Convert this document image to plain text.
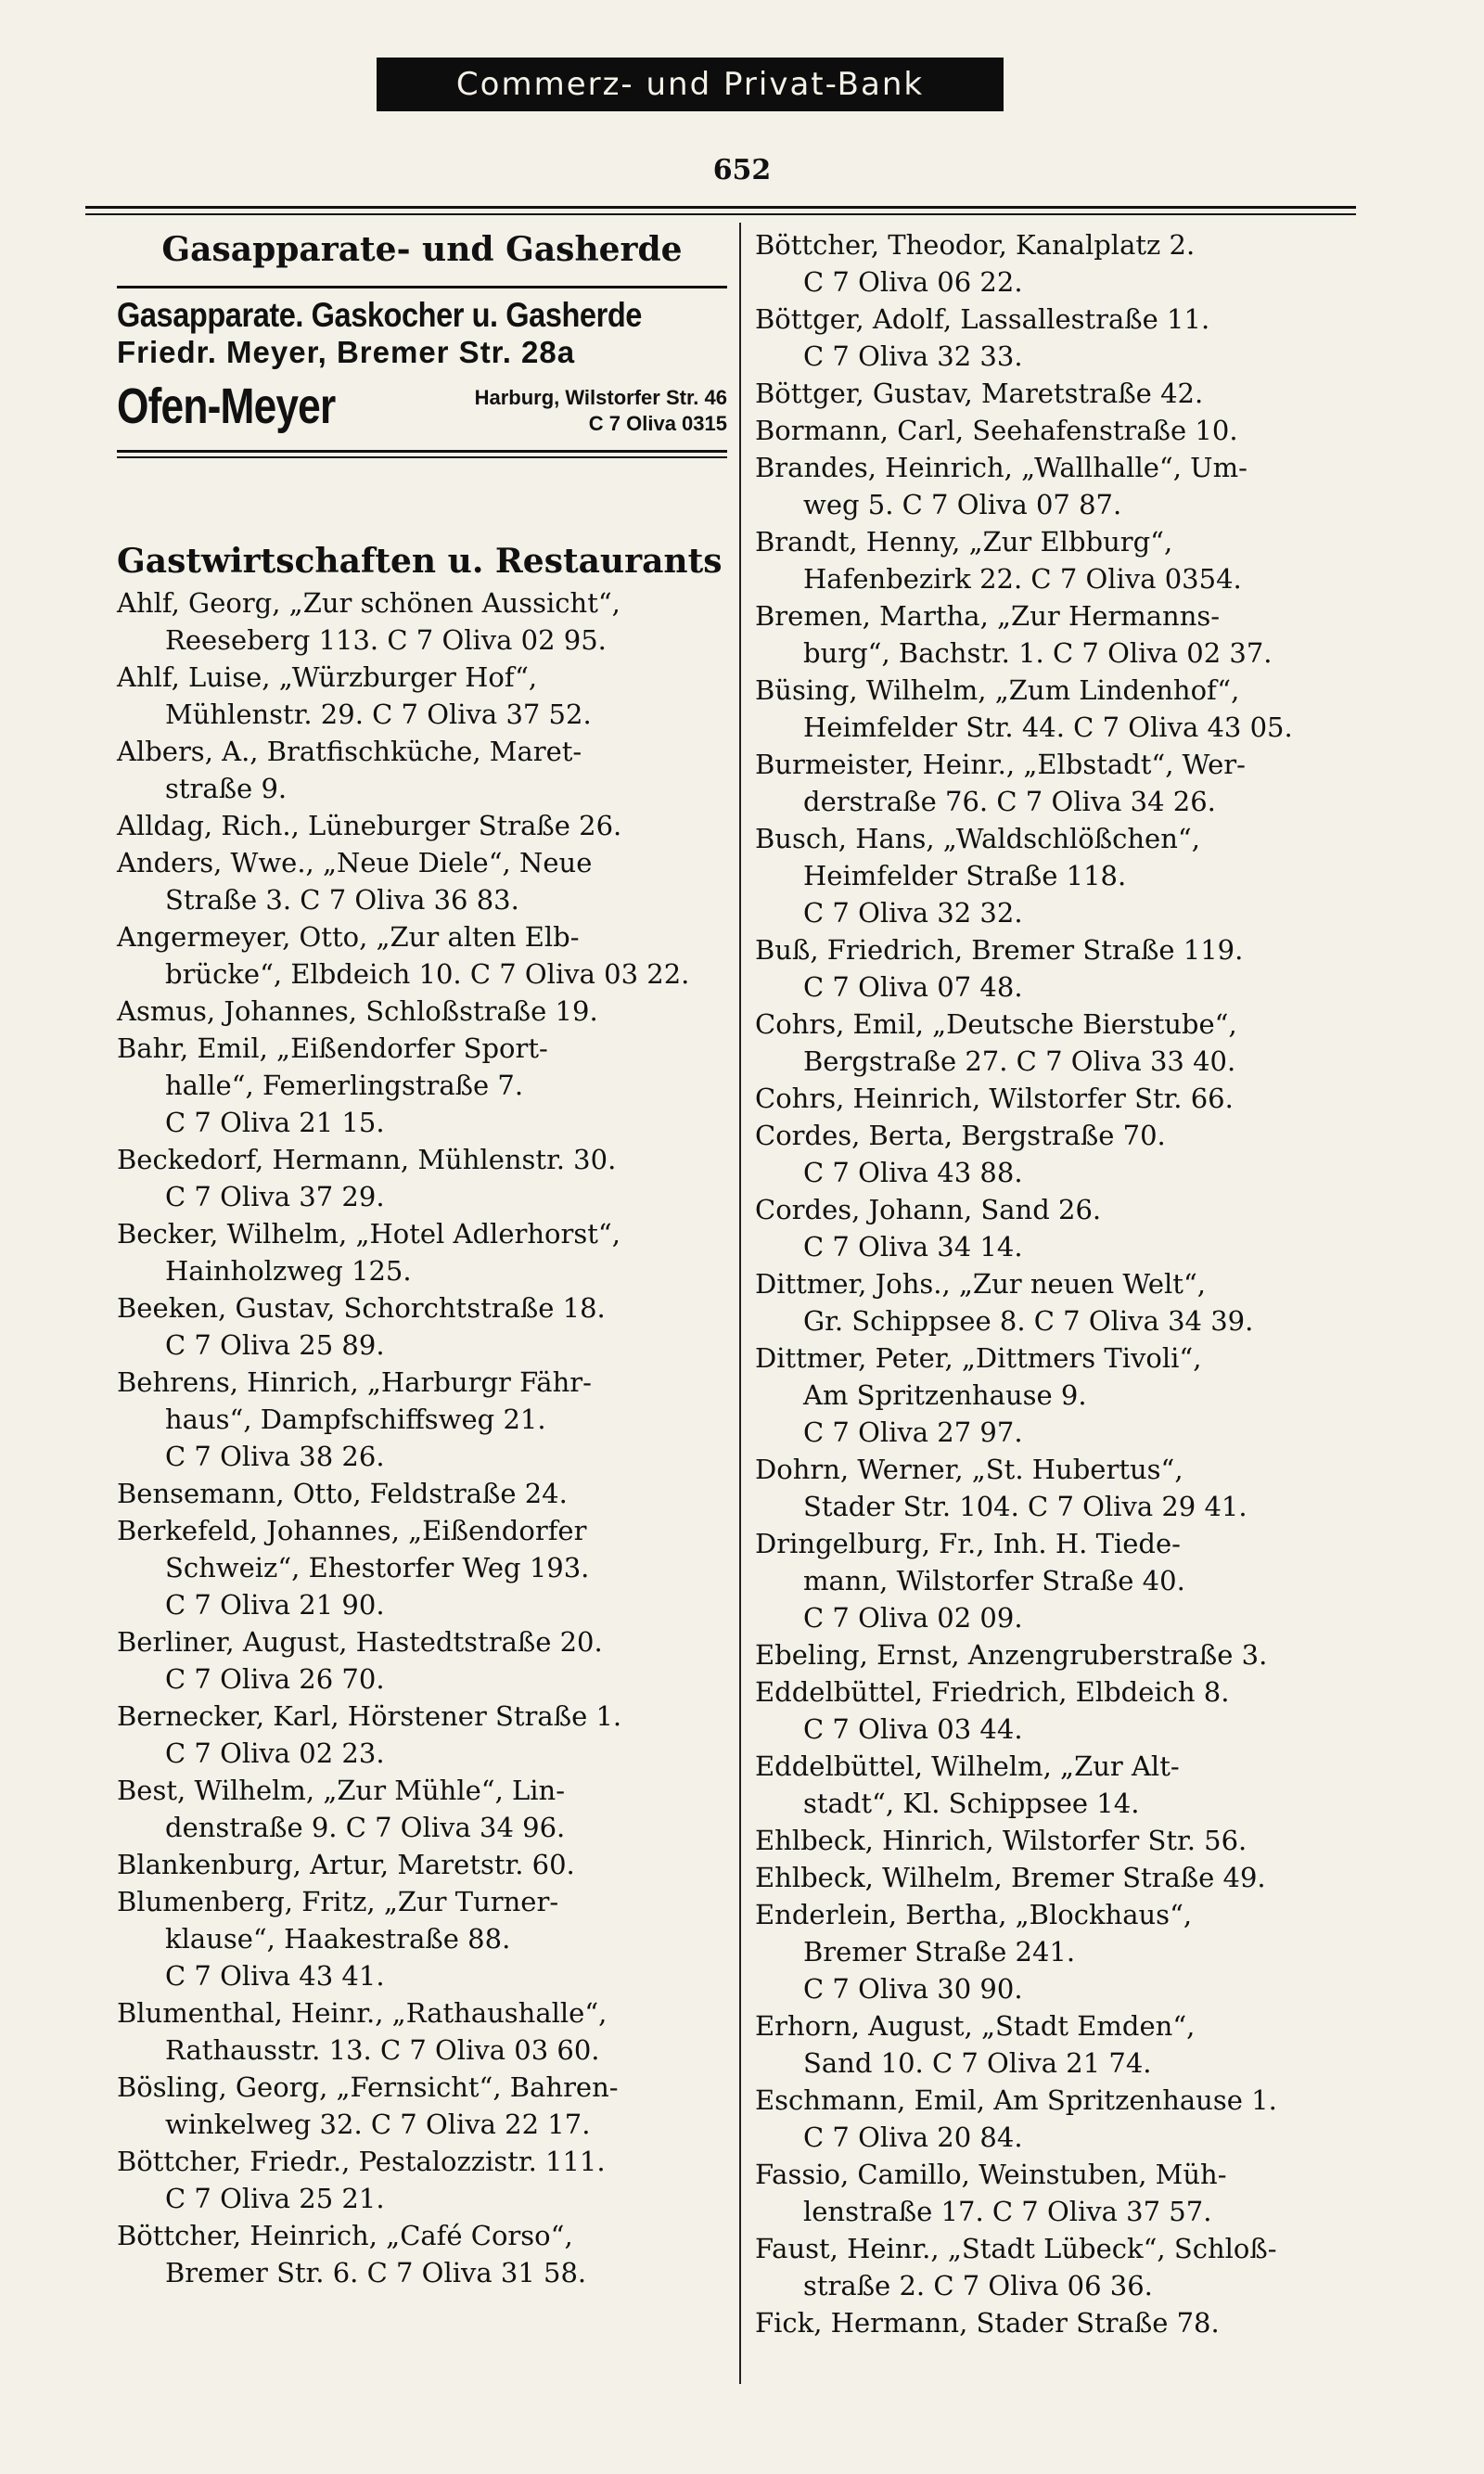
Commerz- und Privat-Bank
652
Gasapparate- und Gasherde
Gasapparate. Gaskocher u. Gasherde
Friedr. Meyer, Bremer Str. 28a
Ofen-Meyer	Harburg, Wilstorfer Str. 46
C 7 Oliva 0315
Gastwirtschaften u. Restaurants
Ahlf, Georg, „Zur schönen Aussicht“,
Reeseberg 113. C 7 Oliva 02 95.
Ahlf, Luise, „Würzburger Hof“,
Mühlenstr. 29. C 7 Oliva 37 52.
Albers, A., Bratfischküche, Maret-
straße 9.
Alldag, Rich., Lüneburger Straße 26.
Anders, Wwe., „Neue Diele“, Neue
Straße 3. C 7 Oliva 36 83.
Angermeyer, Otto, „Zur alten Elb-
brücke“, Elbdeich 10. C 7 Oliva 03 22.
Asmus, Johannes, Schloßstraße 19.
Bahr, Emil, „Eißendorfer Sport-
halle“, Femerlingstraße 7.
C 7 Oliva 21 15.
Beckedorf, Hermann, Mühlenstr. 30.
C 7 Oliva 37 29.
Becker, Wilhelm, „Hotel Adlerhorst“,
Hainholzweg 125.
Beeken, Gustav, Schorchtstraße 18.
C 7 Oliva 25 89.
Behrens, Hinrich, „Harburgr Fähr-
haus“, Dampfschiffsweg 21.
C 7 Oliva 38 26.
Bensemann, Otto, Feldstraße 24.
Berkefeld, Johannes, „Eißendorfer
Schweiz“, Ehestorfer Weg 193.
C 7 Oliva 21 90.
Berliner, August, Hastedtstraße 20.
C 7 Oliva 26 70.
Bernecker, Karl, Hörstener Straße 1.
C 7 Oliva 02 23.
Best, Wilhelm, „Zur Mühle“, Lin-
denstraße 9. C 7 Oliva 34 96.
Blankenburg, Artur, Maretstr. 60.
Blumenberg, Fritz, „Zur Turner-
klause“, Haakestraße 88.
C 7 Oliva 43 41.
Blumenthal, Heinr., „Rathaushalle“,
Rathausstr. 13. C 7 Oliva 03 60.
Bösling, Georg, „Fernsicht“, Bahren-
winkelweg 32. C 7 Oliva 22 17.
Böttcher, Friedr., Pestalozzistr. 111.
C 7 Oliva 25 21.
Böttcher, Heinrich, „Café Corso“,
Bremer Str. 6. C 7 Oliva 31 58.
Böttcher, Theodor, Kanalplatz 2.
C 7 Oliva 06 22.
Böttger, Adolf, Lassallestraße 11.
C 7 Oliva 32 33.
Böttger, Gustav, Maretstraße 42.
Bormann, Carl, Seehafenstraße 10.
Brandes, Heinrich, „Wallhalle“, Um-
weg 5. C 7 Oliva 07 87.
Brandt, Henny, „Zur Elbburg“,
Hafenbezirk 22. C 7 Oliva 0354.
Bremen, Martha, „Zur Hermanns-
burg“, Bachstr. 1. C 7 Oliva 02 37.
Büsing, Wilhelm, „Zum Lindenhof“,
Heimfelder Str. 44. C 7 Oliva 43 05.
Burmeister, Heinr., „Elbstadt“, Wer-
derstraße 76. C 7 Oliva 34 26.
Busch, Hans, „Waldschlößchen“,
Heimfelder Straße 118.
C 7 Oliva 32 32.
Buß, Friedrich, Bremer Straße 119.
C 7 Oliva 07 48.
Cohrs, Emil, „Deutsche Bierstube“,
Bergstraße 27. C 7 Oliva 33 40.
Cohrs, Heinrich, Wilstorfer Str. 66.
Cordes, Berta, Bergstraße 70.
C 7 Oliva 43 88.
Cordes, Johann, Sand 26.
C 7 Oliva 34 14.
Dittmer, Johs., „Zur neuen Welt“,
Gr. Schippsee 8. C 7 Oliva 34 39.
Dittmer, Peter, „Dittmers Tivoli“,
Am Spritzenhause 9.
C 7 Oliva 27 97.
Dohrn, Werner, „St. Hubertus“,
Stader Str. 104. C 7 Oliva 29 41.
Dringelburg, Fr., Inh. H. Tiede-
mann, Wilstorfer Straße 40.
C 7 Oliva 02 09.
Ebeling, Ernst, Anzengruberstraße 3.
Eddelbüttel, Friedrich, Elbdeich 8.
C 7 Oliva 03 44.
Eddelbüttel, Wilhelm, „Zur Alt-
stadt“, Kl. Schippsee 14.
Ehlbeck, Hinrich, Wilstorfer Str. 56.
Ehlbeck, Wilhelm, Bremer Straße 49.
Enderlein, Bertha, „Blockhaus“,
Bremer Straße 241.
C 7 Oliva 30 90.
Erhorn, August, „Stadt Emden“,
Sand 10. C 7 Oliva 21 74.
Eschmann, Emil, Am Spritzenhause 1.
C 7 Oliva 20 84.
Fassio, Camillo, Weinstuben, Müh-
lenstraße 17. C 7 Oliva 37 57.
Faust, Heinr., „Stadt Lübeck“, Schloß-
straße 2. C 7 Oliva 06 36.
Fick, Hermann, Stader Straße 78.
